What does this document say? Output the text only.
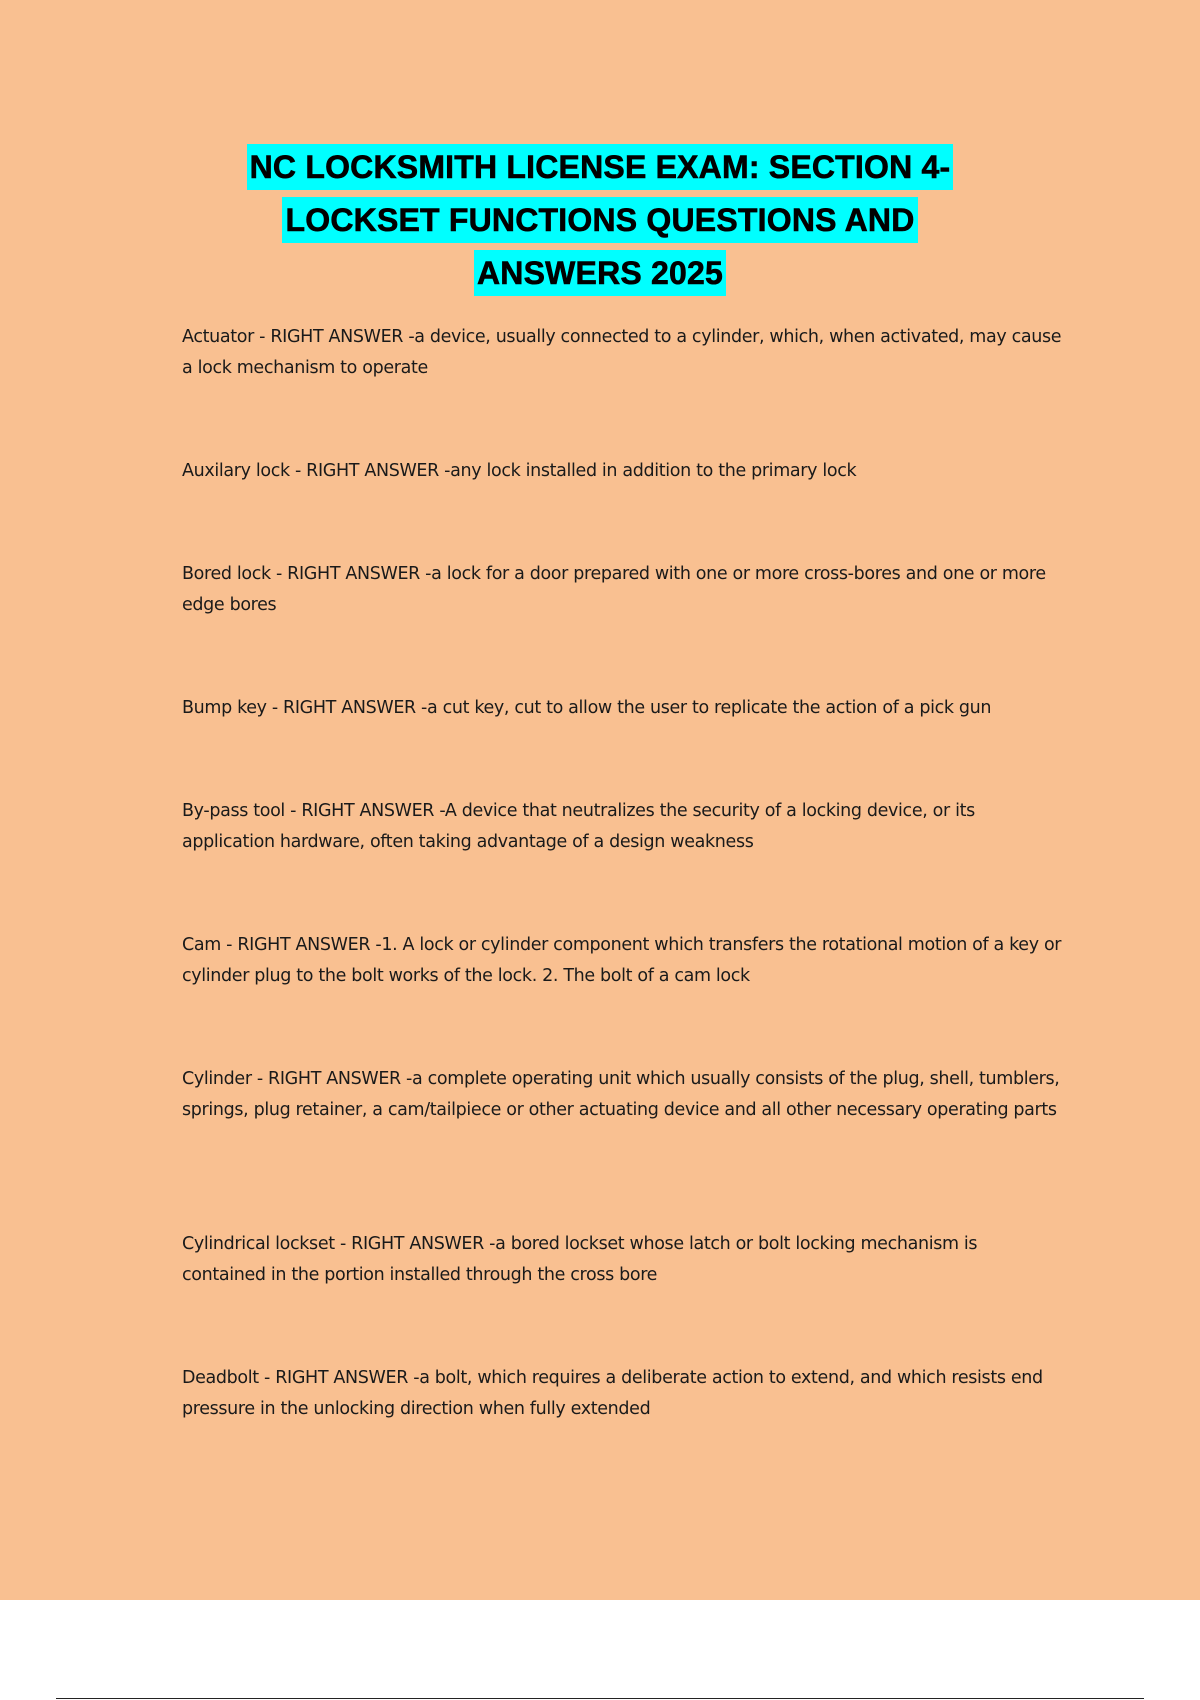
NC LOCKSMITH LICENSE EXAM: SECTION 4-
LOCKSET FUNCTIONS QUESTIONS AND
ANSWERS 2025

Actuator - RIGHT ANSWER -a device, usually connected to a cylinder, which, when activated, may cause a lock mechanism to operate

Auxilary lock - RIGHT ANSWER -any lock installed in addition to the primary lock

Bored lock - RIGHT ANSWER -a lock for a door prepared with one or more cross-bores and one or more edge bores

Bump key - RIGHT ANSWER -a cut key, cut to allow the user to replicate the action of a pick gun

By-pass tool - RIGHT ANSWER -A device that neutralizes the security of a locking device, or its application hardware, often taking advantage of a design weakness

Cam - RIGHT ANSWER -1. A lock or cylinder component which transfers the rotational motion of a key or cylinder plug to the bolt works of the lock. 2. The bolt of a cam lock

Cylinder - RIGHT ANSWER -a complete operating unit which usually consists of the plug, shell, tumblers, springs, plug retainer, a cam/tailpiece or other actuating device and all other necessary operating parts

Cylindrical lockset - RIGHT ANSWER -a bored lockset whose latch or bolt locking mechanism is contained in the portion installed through the cross bore

Deadbolt - RIGHT ANSWER -a bolt, which requires a deliberate action to extend, and which resists end pressure in the unlocking direction when fully extended
